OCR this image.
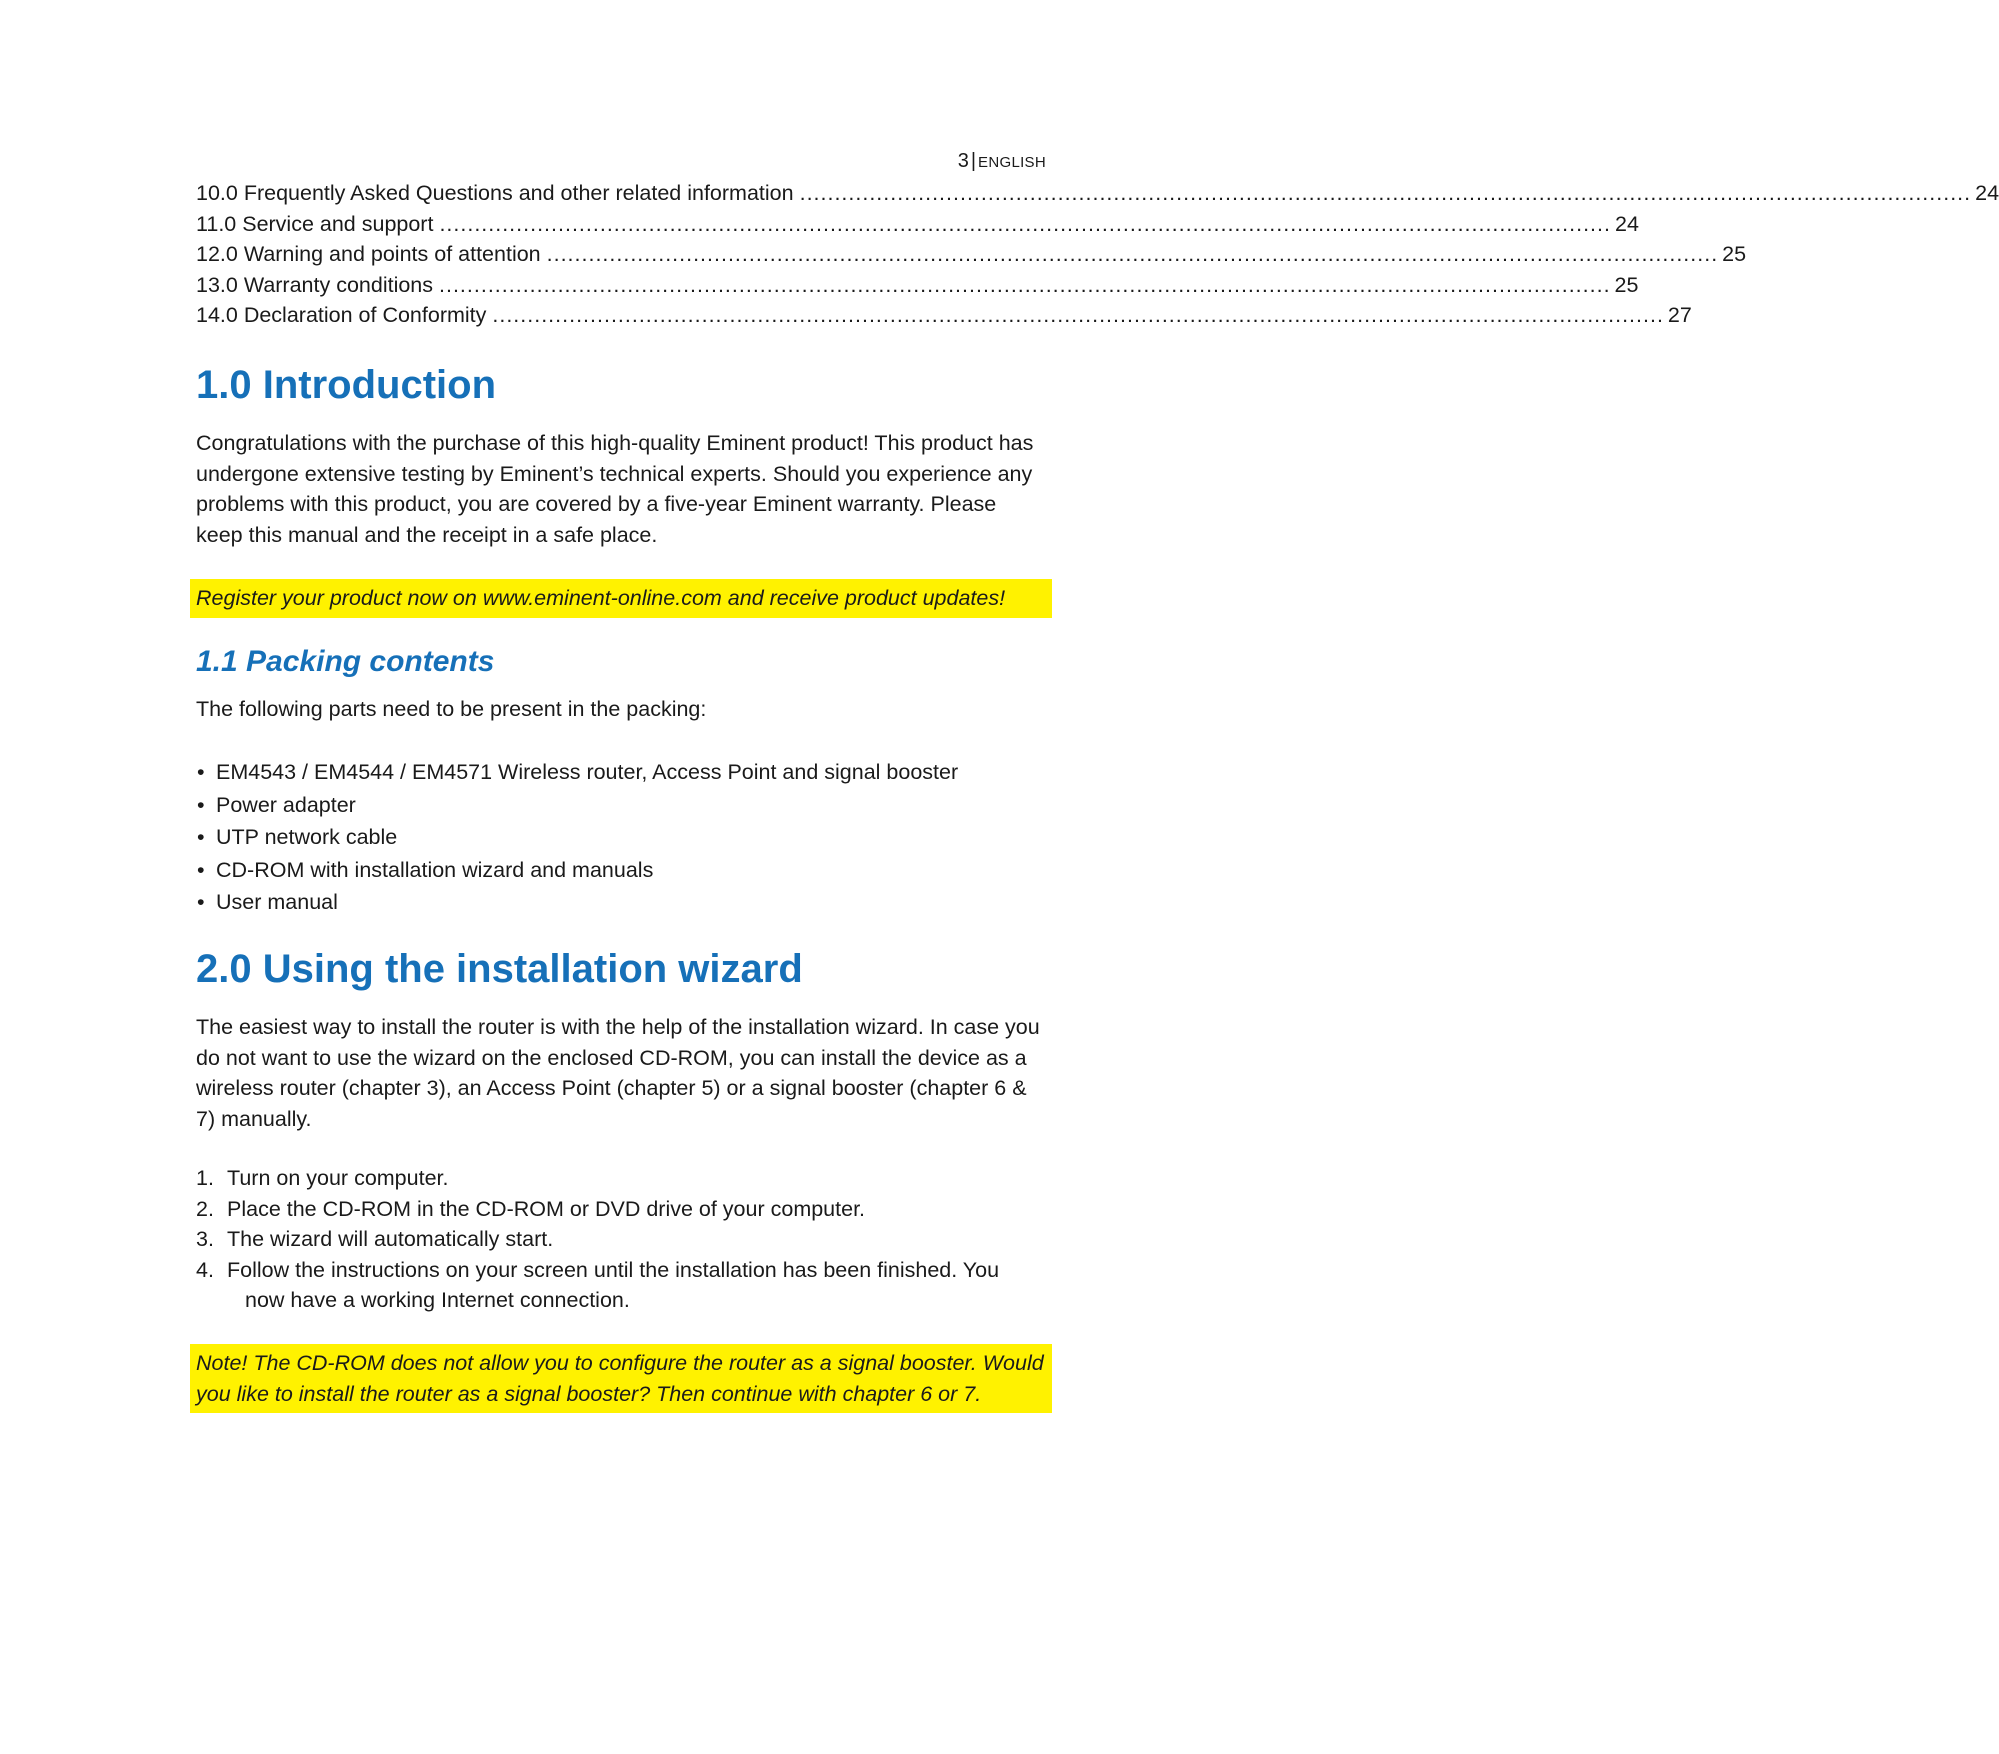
3 | ENGLISH
10.0 Frequently Asked Questions and other related information ........................................................................................................................................................................ 24
11.0 Service and support ........................................................................................................................................................................ 24
12.0 Warning and points of attention ........................................................................................................................................................................ 25
13.0 Warranty conditions ........................................................................................................................................................................ 25
14.0 Declaration of Conformity ........................................................................................................................................................................ 27
1.0 Introduction

Congratulations with the purchase of this high-quality Eminent product! This product has undergone extensive testing by Eminent’s technical experts. Should you experience any problems with this product, you are covered by a five-year Eminent warranty. Please keep this manual and the receipt in a safe place.

Register your product now on www.eminent-online.com and receive product updates!
1.1 Packing contents

The following parts need to be present in the packing:

• EM4543 / EM4544 / EM4571 Wireless router, Access Point and signal booster
• Power adapter
• UTP network cable
• CD-ROM with installation wizard and manuals
• User manual
2.0 Using the installation wizard

The easiest way to install the router is with the help of the installation wizard. In case you do not want to use the wizard on the enclosed CD-ROM, you can install the device as a wireless router (chapter 3), an Access Point (chapter 5) or a signal booster (chapter 6 & 7) manually.

1. Turn on your computer.
2. Place the CD-ROM in the CD-ROM or DVD drive of your computer.
3. The wizard will automatically start.
4. Follow the instructions on your screen until the installation has been finished. You
now have a working Internet connection.
Note! The CD-ROM does not allow you to configure the router as a signal booster. Would you like to install the router as a signal booster? Then continue with chapter 6 or 7.
